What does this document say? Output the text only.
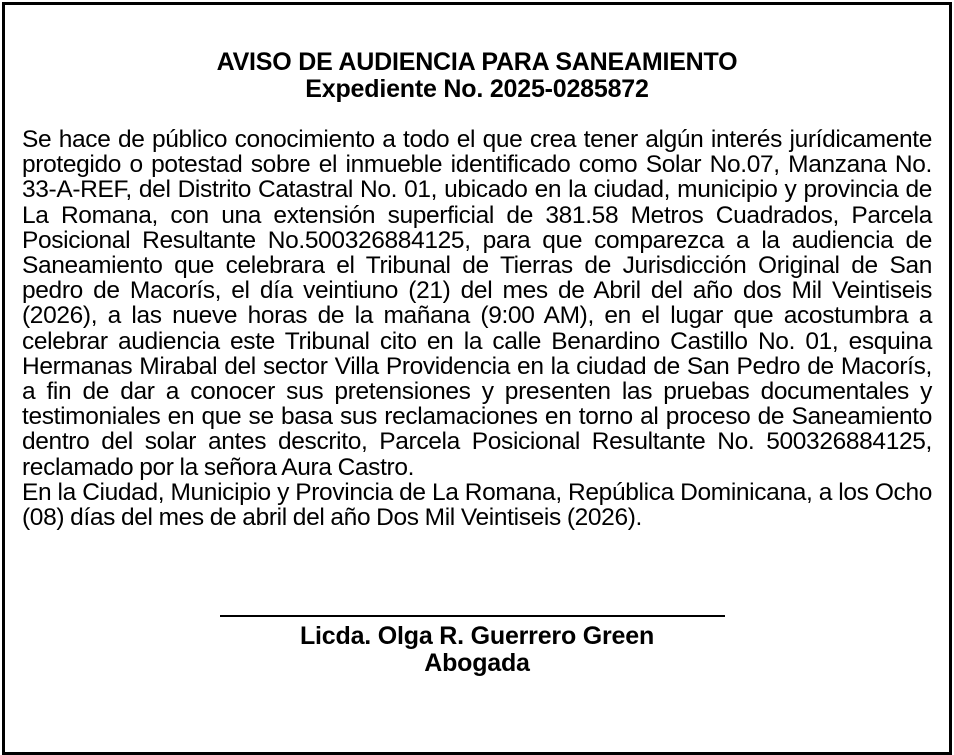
AVISO DE AUDIENCIA PARA SANEAMIENTO

Expediente No. 2025-0285872

Se hace de público conocimiento a todo el que crea tener algún interés jurídicamente protegido o potestad sobre el inmueble identificado como Solar No.07, Manzana No. 33-A-REF, del Distrito Catastral No. 01, ubicado en la ciudad, municipio y provincia de La Romana, con una extensión superficial de 381.58 Metros Cuadrados, Parcela Posicional Resultante No.500326884125, para que comparezca a la audiencia de Saneamiento que celebrara el Tribunal de Tierras de Jurisdicción Original de San pedro de Macorís, el día veintiuno (21) del mes de Abril del año dos Mil Veintiseis (2026), a las nueve horas de la mañana (9:00 AM), en el lugar que acostumbra a celebrar audiencia este Tribunal cito en la calle Benardino Castillo No. 01, esquina Hermanas Mirabal del sector Villa Providencia en la ciudad de San Pedro de Macorís, a fin de dar a conocer sus pretensiones y presenten las pruebas documentales y testimoniales en que se basa sus reclamaciones en torno al proceso de Saneamiento dentro del solar antes descrito, Parcela Posicional Resultante No. 500326884125, reclamado por la señora Aura Castro.

En la Ciudad, Municipio y Provincia de La Romana, República Dominicana, a los Ocho (08) días del mes de abril del año Dos Mil Veintiseis (2026).

Licda. Olga R. Guerrero Green

Abogada
